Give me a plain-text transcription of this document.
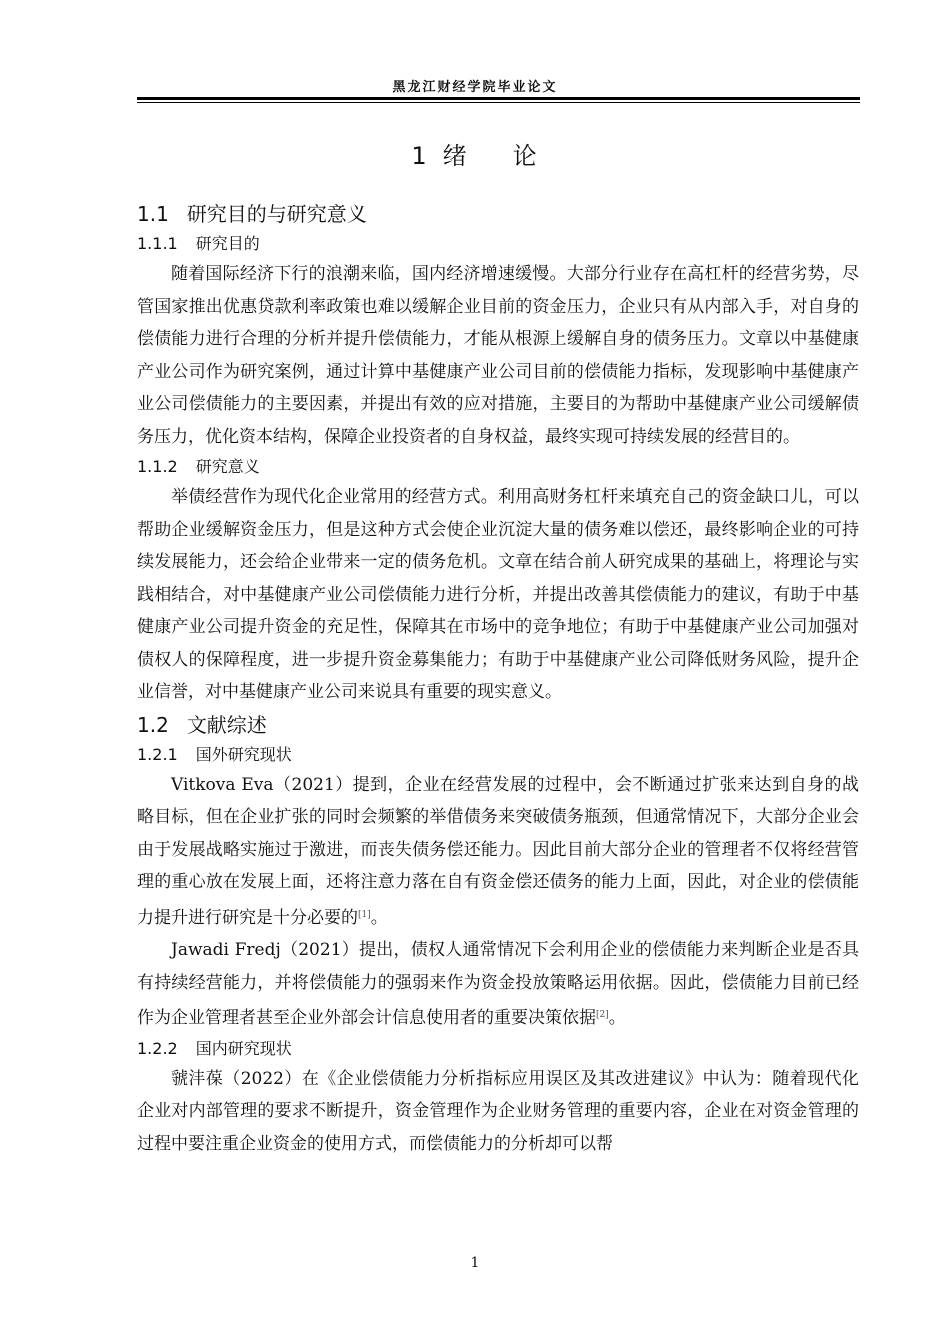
黑龙江财经学院毕业论文
1 绪 论
1.1 研究目的与研究意义
1.1.1 研究目的

随着国际经济下行的浪潮来临，国内经济增速缓慢。大部分行业存在高杠杆的经营劣势，尽管国家推出优惠贷款利率政策也难以缓解企业目前的资金压力，企业只有从内部入手，对自身的偿债能力进行合理的分析并提升偿债能力，才能从根源上缓解自身的债务压力。文章以中基健康产业公司作为研究案例，通过计算中基健康产业公司目前的偿债能力指标，发现影响中基健康产业公司偿债能力的主要因素，并提出有效的应对措施，主要目的为帮助中基健康产业公司缓解债务压力，优化资本结构，保障企业投资者的自身权益，最终实现可持续发展的经营目的。

1.1.2 研究意义

举债经营作为现代化企业常用的经营方式。利用高财务杠杆来填充自己的资金缺口儿，可以帮助企业缓解资金压力，但是这种方式会使企业沉淀大量的债务难以偿还，最终影响企业的可持续发展能力，还会给企业带来一定的债务危机。文章在结合前人研究成果的基础上，将理论与实践相结合，对中基健康产业公司偿债能力进行分析，并提出改善其偿债能力的建议，有助于中基健康产业公司提升资金的充足性，保障其在市场中的竞争地位；有助于中基健康产业公司加强对债权人的保障程度，进一步提升资金募集能力；有助于中基健康产业公司降低财务风险，提升企业信誉，对中基健康产业公司来说具有重要的现实意义。

1.2 文献综述
1.2.1 国外研究现状

Vitkova Eva（2021）提到，企业在经营发展的过程中，会不断通过扩张来达到自身的战略目标，但在企业扩张的同时会频繁的举借债务来突破债务瓶颈，但通常情况下，大部分企业会由于发展战略实施过于激进，而丧失债务偿还能力。因此目前大部分企业的管理者不仅将经营管理的重心放在发展上面，还将注意力落在自有资金偿还债务的能力上面，因此，对企业的偿债能力提升进行研究是十分必要的[1]。

Jawadi Fredj（2021）提出，债权人通常情况下会利用企业的偿债能力来判断企业是否具有持续经营能力，并将偿债能力的强弱来作为资金投放策略运用依据。因此，偿债能力目前已经作为企业管理者甚至企业外部会计信息使用者的重要决策依据[2]。

1.2.2 国内研究现状

虢沣葆（2022）在《企业偿债能力分析指标应用误区及其改进建议》中认为：随着现代化企业对内部管理的要求不断提升，资金管理作为企业财务管理的重要内容，企业在对资金管理的过程中要注重企业资金的使用方式，而偿债能力的分析却可以帮

1
